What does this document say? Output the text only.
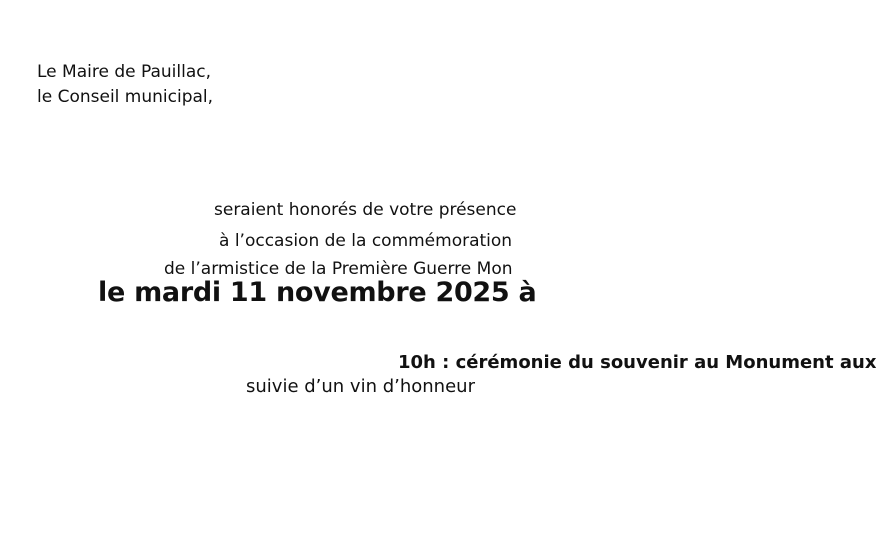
Le Maire de Pauillac,
le Conseil municipal,
seraient honorés de votre présence
à l’occasion de la commémoration
de l’armistice de la Première Guerre Mon
le mardi 11 novembre 2025 à
10h : cérémonie du souvenir au Monument aux
suivie d’un vin d’honneur
